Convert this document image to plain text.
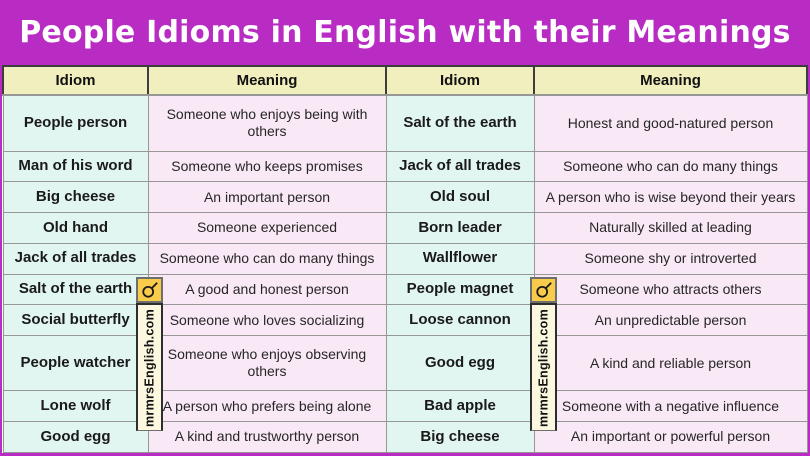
People Idioms in English with their Meanings
Idiom	Meaning	Idiom	Meaning
People person	Someone who enjoys being with others	Salt of the earth	Honest and good-natured person
Man of his word	Someone who keeps promises	Jack of all trades	Someone who can do many things
Big cheese	An important person	Old soul	A person who is wise beyond their years
Old hand	Someone experienced	Born leader	Naturally skilled at leading
Jack of all trades	Someone who can do many things	Wallflower	Someone shy or introverted
Salt of the earth	A good and honest person	People magnet	Someone who attracts others
Social butterfly	Someone who loves socializing	Loose cannon	An unpredictable person
People watcher	Someone who enjoys observing others	Good egg	A kind and reliable person
Lone wolf	A person who prefers being alone	Bad apple	Someone with a negative influence
Good egg	A kind and trustworthy person	Big cheese	An important or powerful person
mrmrsEnglish.com	mrmrsEnglish.com
